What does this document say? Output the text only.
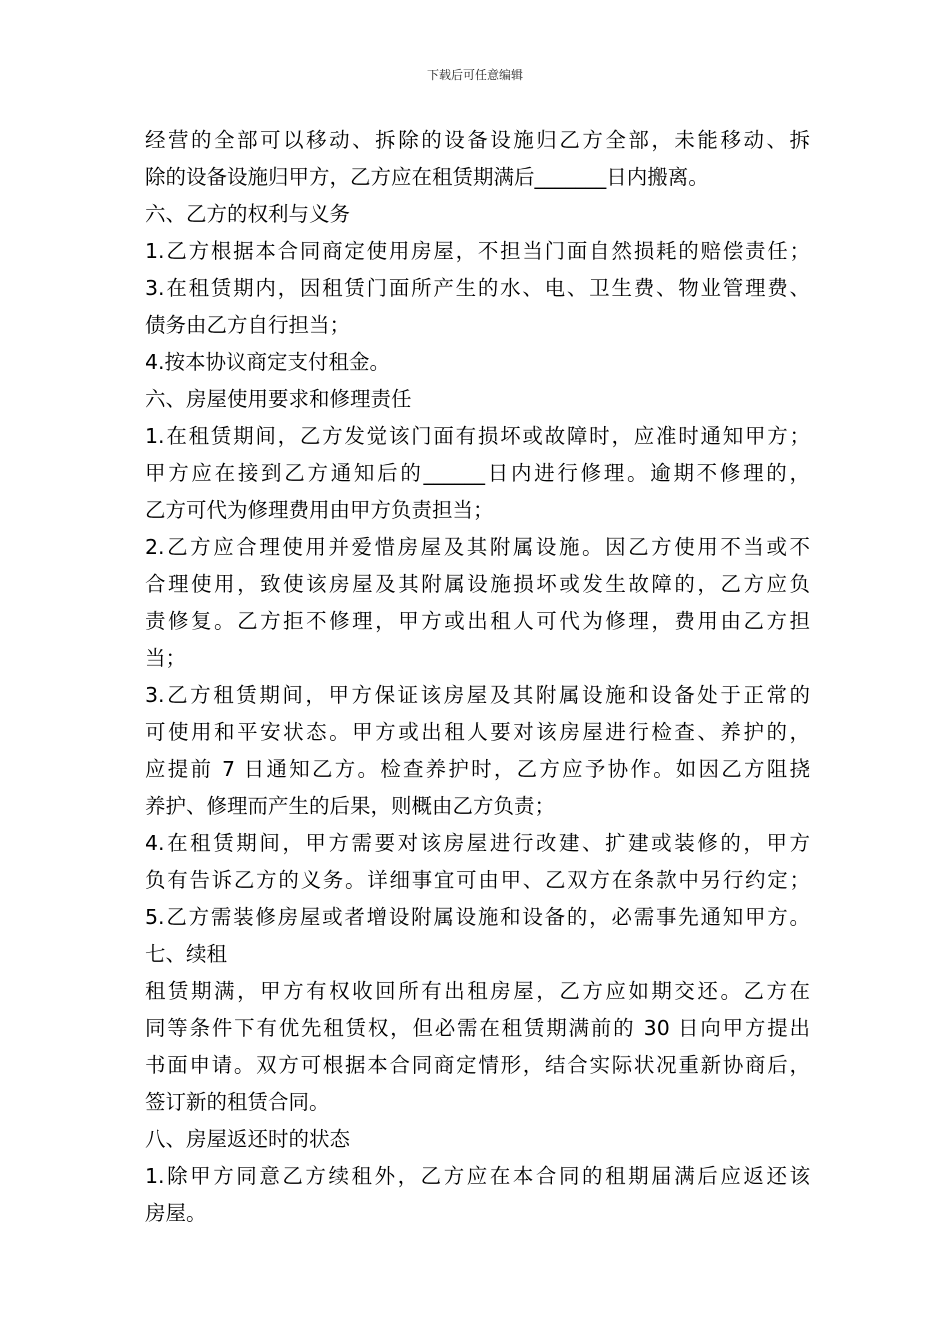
下载后可任意编辑
经营的全部可以移动、拆除的设备设施归乙方全部，未能移动、拆
除的设备设施归甲方，乙方应在租赁期满后_______日内搬离。
六、乙方的权利与义务
1.乙方根据本合同商定使用房屋，不担当门面自然损耗的赔偿责任；
3.在租赁期内，因租赁门面所产生的水、电、卫生费、物业管理费、
债务由乙方自行担当；
4.按本协议商定支付租金。
六、房屋使用要求和修理责任
1.在租赁期间，乙方发觉该门面有损坏或故障时，应准时通知甲方；
甲方应在接到乙方通知后的______日内进行修理。逾期不修理的，
乙方可代为修理费用由甲方负责担当；
2.乙方应合理使用并爱惜房屋及其附属设施。因乙方使用不当或不
合理使用，致使该房屋及其附属设施损坏或发生故障的，乙方应负
责修复。乙方拒不修理，甲方或出租人可代为修理，费用由乙方担
当；
3.乙方租赁期间，甲方保证该房屋及其附属设施和设备处于正常的
可使用和平安状态。甲方或出租人要对该房屋进行检查、养护的，
应提前 7 日通知乙方。检查养护时，乙方应予协作。如因乙方阻挠
养护、修理而产生的后果，则概由乙方负责；
4.在租赁期间，甲方需要对该房屋进行改建、扩建或装修的，甲方
负有告诉乙方的义务。详细事宜可由甲、乙双方在条款中另行约定；
5.乙方需装修房屋或者增设附属设施和设备的，必需事先通知甲方。
七、续租
租赁期满，甲方有权收回所有出租房屋，乙方应如期交还。乙方在
同等条件下有优先租赁权，但必需在租赁期满前的 30 日向甲方提出
书面申请。双方可根据本合同商定情形，结合实际状况重新协商后，
签订新的租赁合同。
八、房屋返还时的状态
1.除甲方同意乙方续租外，乙方应在本合同的租期届满后应返还该
房屋。
